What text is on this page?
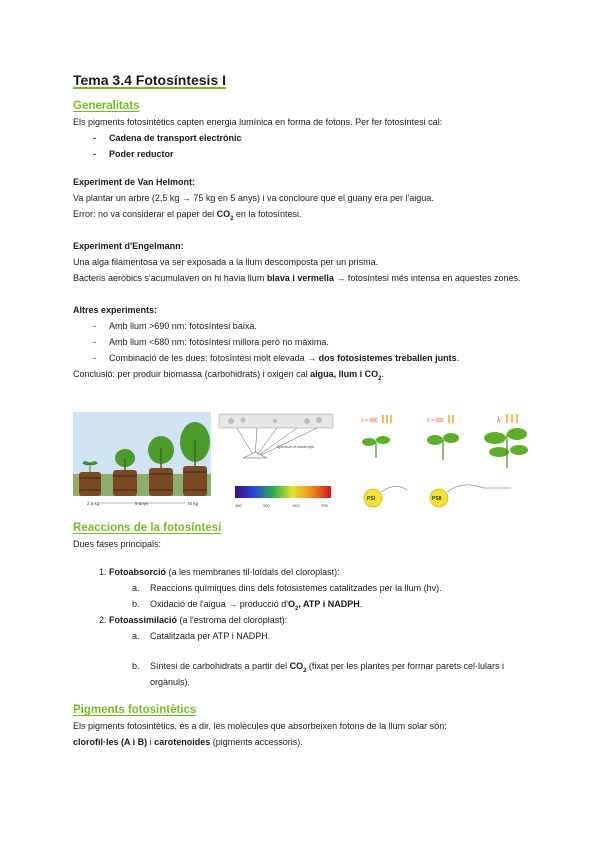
Tema 3.4 Fotosíntesis I
Generalitats

Els pigments fotosintètics capten energia lumínica en forma de fotons. Per fer fotosíntesi cal:

- Cadena de transport electrònic
- Poder reductor

Experiment de Van Helmont:

Va plantar un arbre (2,5 kg → 75 kg en 5 anys) i va concloure que el guany era per l'aigua.

Error: no va considerar el paper del $CO_2$ en la fotosíntesi.

Experiment d'Engelmann:

Una alga filamentosa va ser exposada a la llum descomposta per un prisma.

Bacteris aeròbics s'acumulaven on hi havia llum blava i vermella → fotosíntesi més intensa en aquestes zones.

Altres experiments:

- Amb llum >690 nm: fotosíntesi baixa.
- Amb llum <680 nm: fotosíntesi millora però no màxima.
- Combinació de les dues: fotosíntesi molt elevada → dos fotosistemes treballen junts.

Conclusió: per produir biomassa (carbohidrats) i oxigen cal aigua, llum i $CO_2$.

2,5 kg	5 anys	75 kg
Spectrum of visible light
400	500	600	700
λ > 680	λ > 680	λ
PSI	PSII
Reaccions de la fotosíntesi

Dues fases principals:

1. Fotoabsorció (a les membranes til·loïdals del cloroplast):
a. Reaccions químiques dins dels fotosistemes catalitzades per la llum (hν).
b. Oxidació de l'aigua → producció $d'O_2$, ATP i NADPH.
2. Fotoassimilació (a l'estroma del cloroplast):
a. Catalitzada per ATP i NADPH.
b. Síntesi de carbohidrats a partir del $CO_2$ (fixat per les plantes per formar parets cel·lulars i orgànuls).
Pigments fotosintètics

Els pigments fotosintètics, és a dir, les molècules que absorbeixen fotons de la llum solar són:

clorofil·les (A i B) i carotenoides (pigments accessoris).
